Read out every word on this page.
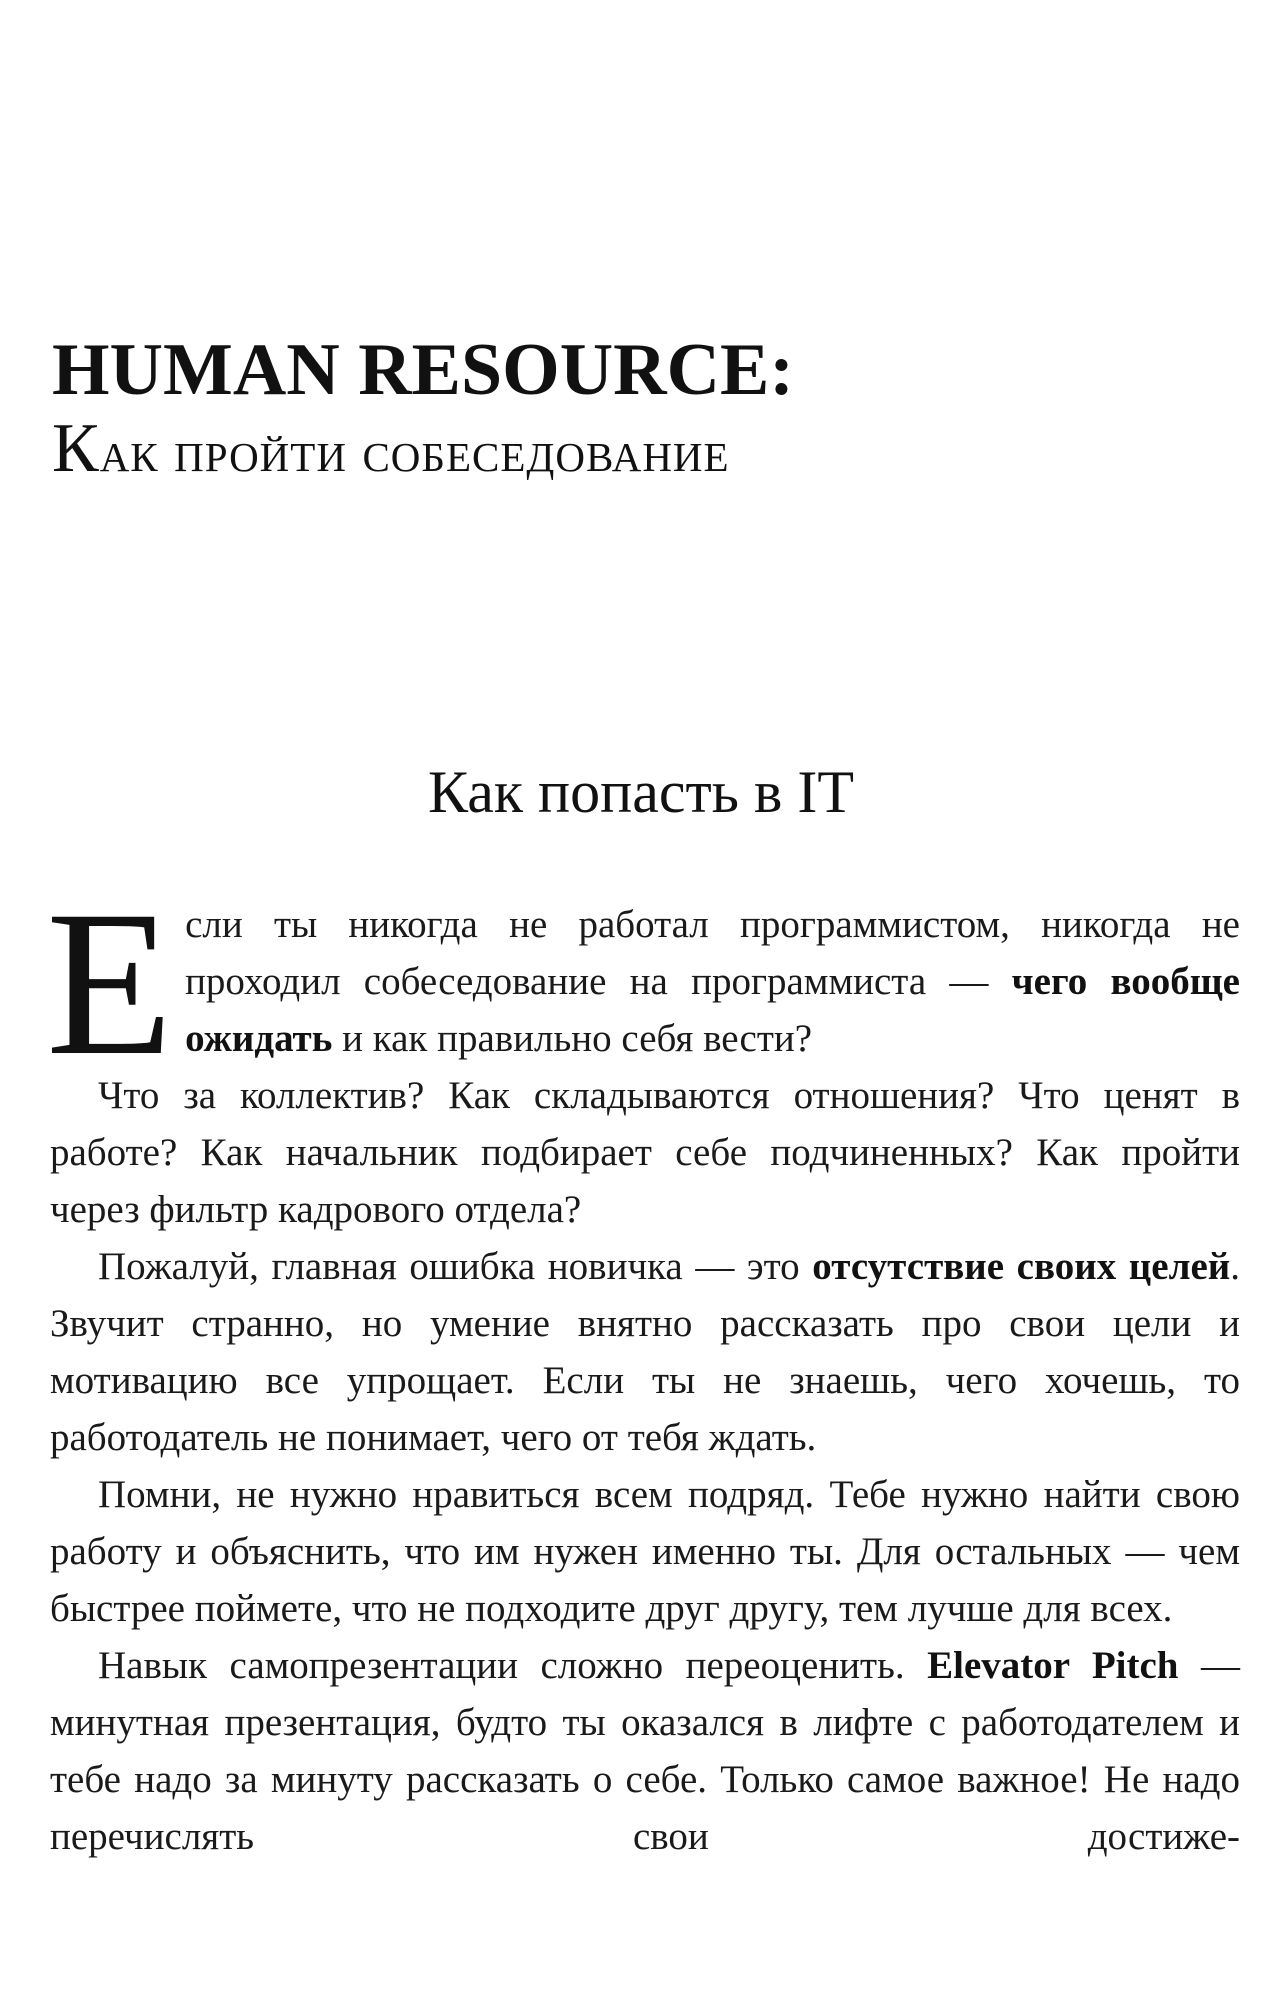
HUMAN RESOURCE:
Как пройти собеседование
Как попасть в IT

Если ты никогда не работал программистом, никогда не проходил собеседование на программиста — чего вообще ожидать и как правильно себя вести?

Что за коллектив? Как складываются отношения? Что ценят в работе? Как начальник подбирает себе подчиненных? Как пройти через фильтр кадрового отдела?

Пожалуй, главная ошибка новичка — это отсутствие своих целей. Звучит странно, но умение внятно рассказать про свои цели и мотивацию все упрощает. Если ты не знаешь, чего хочешь, то работодатель не понимает, чего от тебя ждать.

Помни, не нужно нравиться всем подряд. Тебе нужно найти свою работу и объяснить, что им нужен именно ты. Для остальных — чем быстрее поймете, что не подходите друг другу, тем лучше для всех.

Навык самопрезентации сложно переоценить. Elevator Pitch — минутная презентация, будто ты оказался в лифте с работодателем и тебе надо за минуту рассказать о себе. Только самое важное! Не надо перечислять свои достиже-
